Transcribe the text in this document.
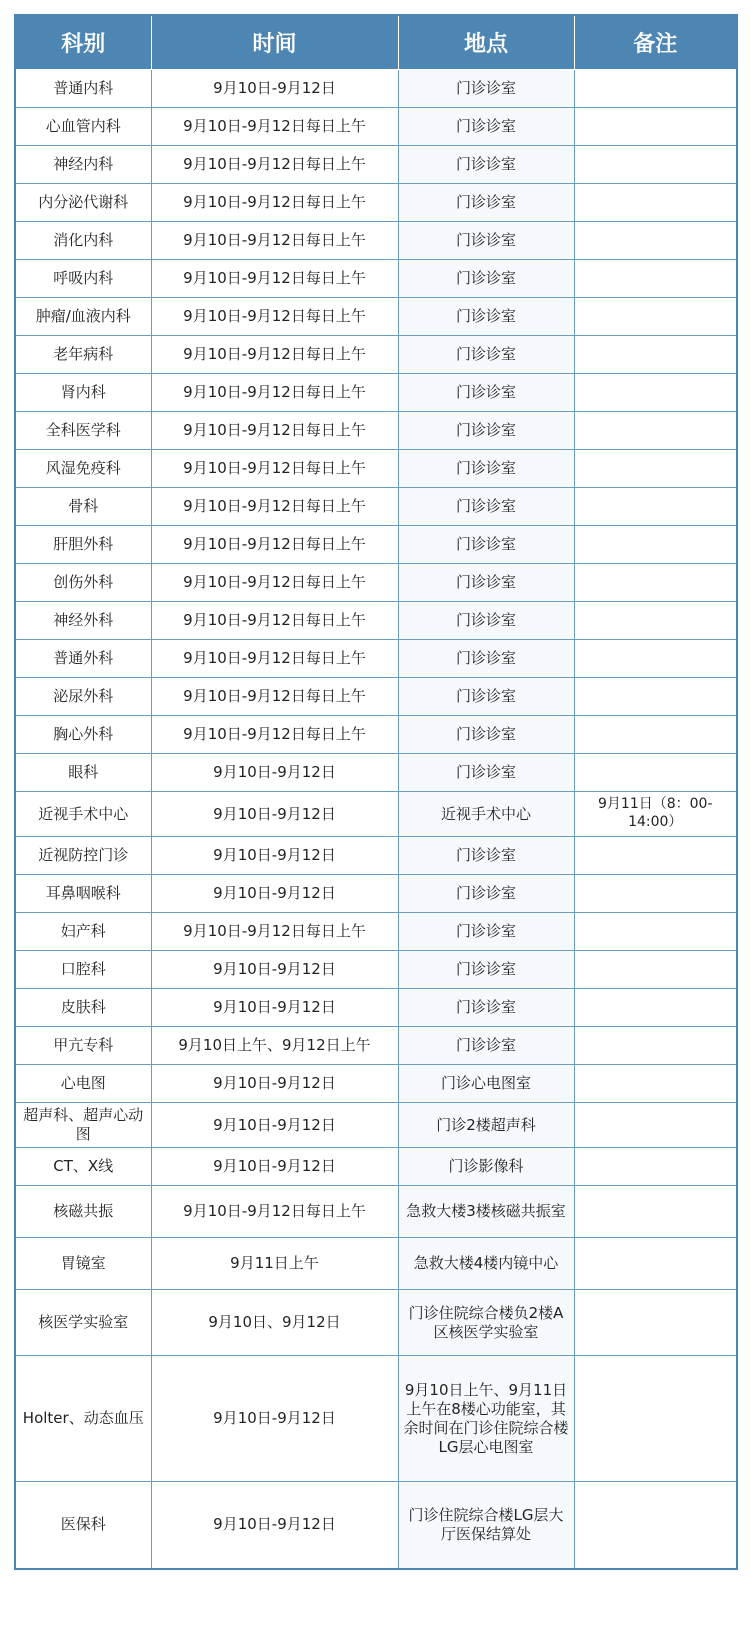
科别	时间	地点	备注
普通内科	9月10日-9月12日	门诊诊室	
心血管内科	9月10日-9月12日每日上午	门诊诊室	
神经内科	9月10日-9月12日每日上午	门诊诊室	
内分泌代谢科	9月10日-9月12日每日上午	门诊诊室	
消化内科	9月10日-9月12日每日上午	门诊诊室	
呼吸内科	9月10日-9月12日每日上午	门诊诊室	
肿瘤/血液内科	9月10日-9月12日每日上午	门诊诊室	
老年病科	9月10日-9月12日每日上午	门诊诊室	
肾内科	9月10日-9月12日每日上午	门诊诊室	
全科医学科	9月10日-9月12日每日上午	门诊诊室	
风湿免疫科	9月10日-9月12日每日上午	门诊诊室	
骨科	9月10日-9月12日每日上午	门诊诊室	
肝胆外科	9月10日-9月12日每日上午	门诊诊室	
创伤外科	9月10日-9月12日每日上午	门诊诊室	
神经外科	9月10日-9月12日每日上午	门诊诊室	
普通外科	9月10日-9月12日每日上午	门诊诊室	
泌尿外科	9月10日-9月12日每日上午	门诊诊室	
胸心外科	9月10日-9月12日每日上午	门诊诊室	
眼科	9月10日-9月12日	门诊诊室	
近视手术中心	9月10日-9月12日	近视手术中心	9月11日（8：00-14:00）
近视防控门诊	9月10日-9月12日	门诊诊室	
耳鼻咽喉科	9月10日-9月12日	门诊诊室	
妇产科	9月10日-9月12日每日上午	门诊诊室	
口腔科	9月10日-9月12日	门诊诊室	
皮肤科	9月10日-9月12日	门诊诊室	
甲亢专科	9月10日上午、9月12日上午	门诊诊室	
心电图	9月10日-9月12日	门诊心电图室	
超声科、超声心动图	9月10日-9月12日	门诊2楼超声科	
CT、X线	9月10日-9月12日	门诊影像科	
核磁共振	9月10日-9月12日每日上午	急救大楼3楼核磁共振室	
胃镜室	9月11日上午	急救大楼4楼内镜中心	
核医学实验室	9月10日、9月12日	门诊住院综合楼负2楼A区核医学实验室	
Holter、动态血压	9月10日-9月12日	9月10日上午、9月11日上午在8楼心功能室，其余时间在门诊住院综合楼LG层心电图室	
医保科	9月10日-9月12日	门诊住院综合楼LG层大厅医保结算处	
